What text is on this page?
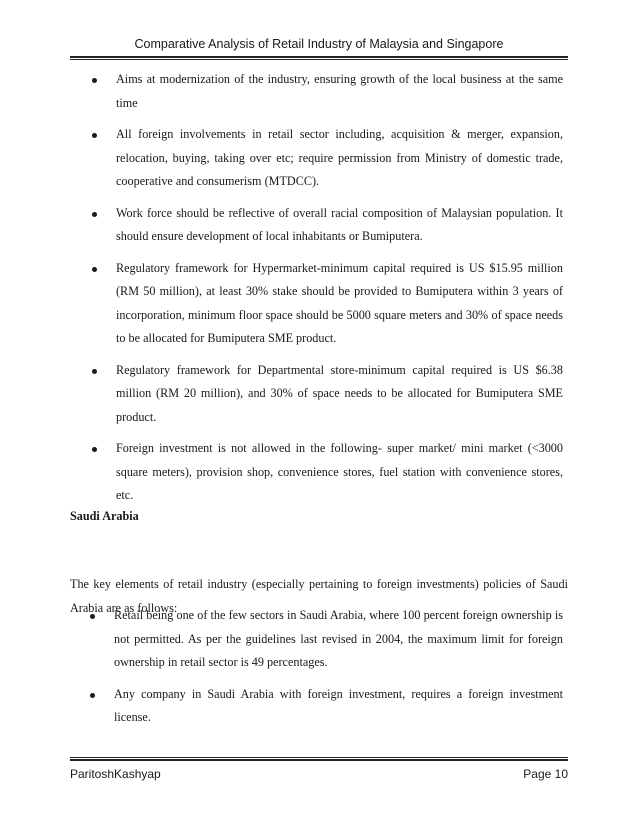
Comparative Analysis of Retail Industry of Malaysia and Singapore
Aims at modernization of the industry, ensuring growth of the local business at the same time
All foreign involvements in retail sector including, acquisition & merger, expansion, relocation, buying, taking over etc; require permission from Ministry of domestic trade, cooperative and consumerism (MTDCC).
Work force should be reflective of overall racial composition of Malaysian population. It should ensure development of local inhabitants or Bumiputera.
Regulatory framework for Hypermarket-minimum capital required is US $15.95 million (RM 50 million), at least 30% stake should be provided to Bumiputera within 3 years of incorporation, minimum floor space should be 5000 square meters and 30% of space needs to be allocated for Bumiputera SME product.
Regulatory framework for Departmental store-minimum capital required is US $6.38 million (RM 20 million), and 30% of space needs to be allocated for Bumiputera SME product.
Foreign investment is not allowed in the following- super market/ mini market (<3000 square meters), provision shop, convenience stores, fuel station with convenience stores, etc.
Saudi Arabia

The key elements of retail industry (especially pertaining to foreign investments) policies of Saudi Arabia are as follows:

Retail being one of the few sectors in Saudi Arabia, where 100 percent foreign ownership is not permitted. As per the guidelines last revised in 2004, the maximum limit for foreign ownership in retail sector is 49 percentages.
Any company in Saudi Arabia with foreign investment, requires a foreign investment license.
ParitoshKashyap	Page 10
